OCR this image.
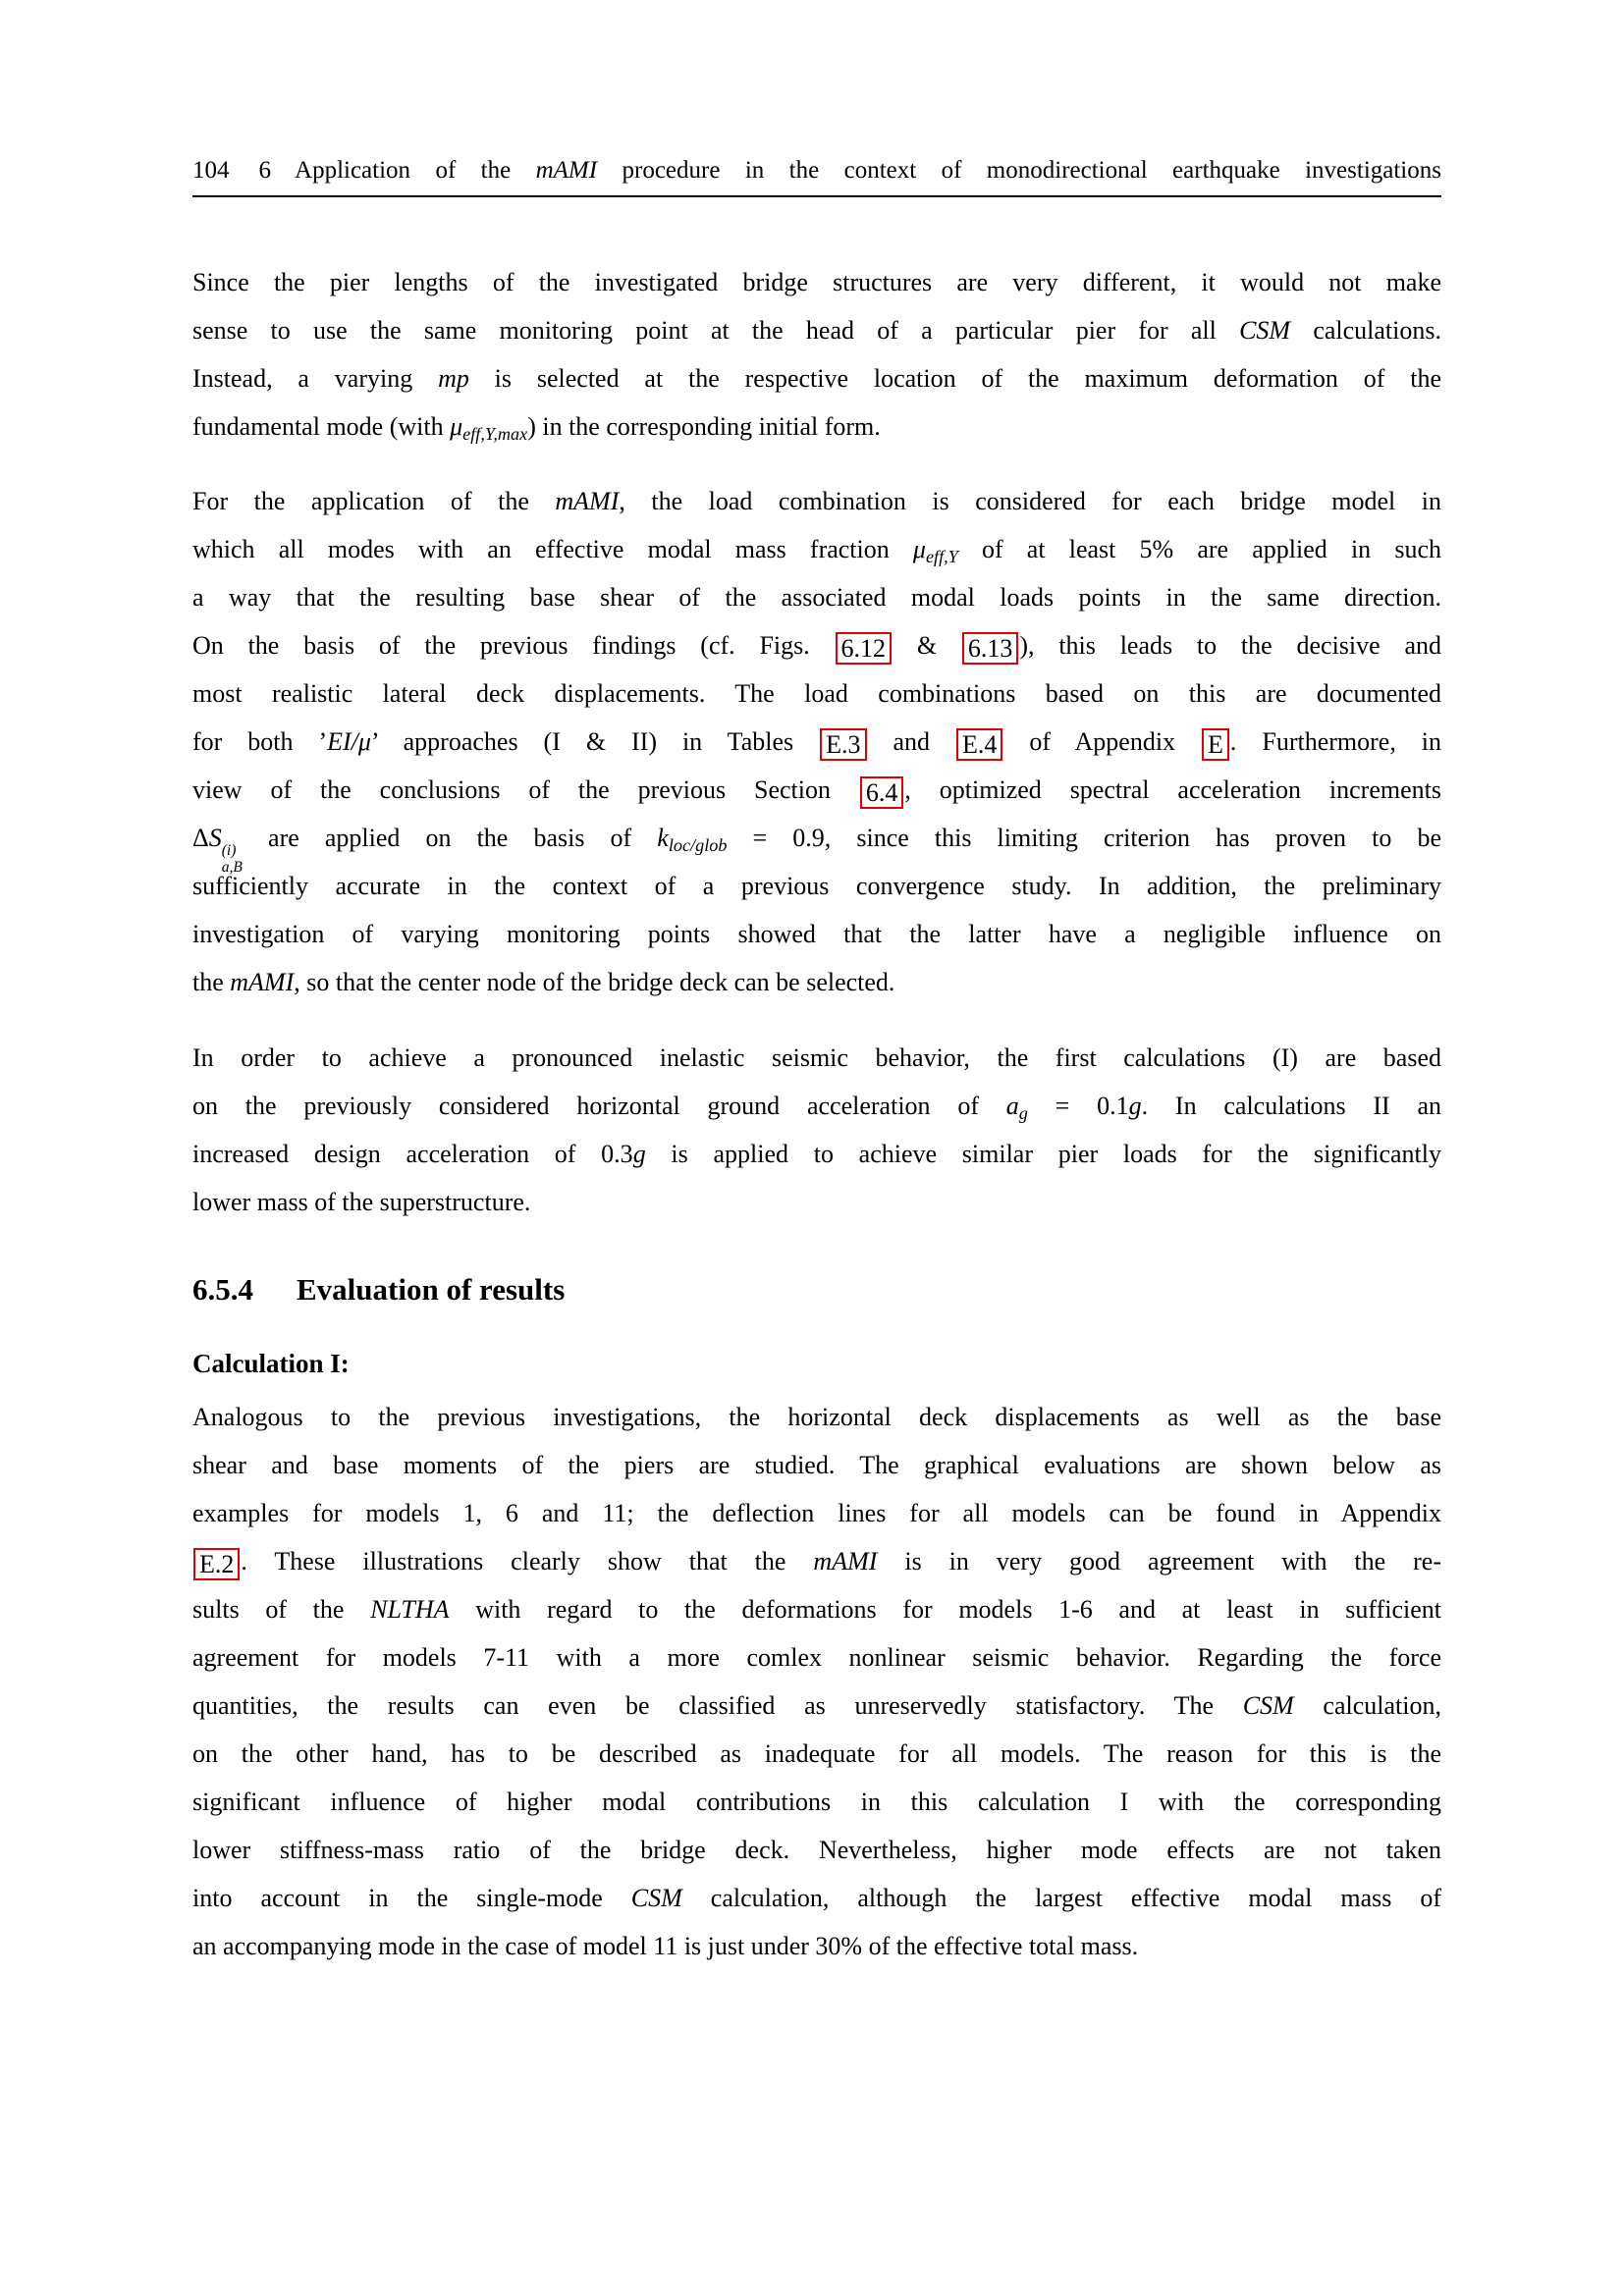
104 6 Application of the mAMI procedure in the context of monodirectional earthquake investigations
Since the pier lengths of the investigated bridge structures are very different, it would not make
sense to use the same monitoring point at the head of a particular pier for all CSM calculations.
Instead, a varying mp is selected at the respective location of the maximum deformation of the
fundamental mode (with μeff,Y,max) in the corresponding initial form.
For the application of the mAMI, the load combination is considered for each bridge model in
which all modes with an effective modal mass fraction μeff,Y of at least 5% are applied in such
a way that the resulting base shear of the associated modal loads points in the same direction.
On the basis of the previous findings (cf. Figs. 6.12 & 6.13 ), this leads to the decisive and
most realistic lateral deck displacements. The load combinations based on this are documented
for both ’EI/μ’ approaches (I & II) in Tables E.3 and E.4 of Appendix E . Furthermore, in
view of the conclusions of the previous Section 6.4 , optimized spectral acceleration increments
ΔS (i)
a,B
are applied on the basis of kloc/glob = 0.9, since this limiting criterion has proven to be
sufficiently accurate in the context of a previous convergence study. In addition, the preliminary
investigation of varying monitoring points showed that the latter have a negligible influence on
the mAMI, so that the center node of the bridge deck can be selected.
In order to achieve a pronounced inelastic seismic behavior, the first calculations (I) are based
on the previously considered horizontal ground acceleration of ag = 0.1g. In calculations II an
increased design acceleration of 0.3g is applied to achieve similar pier loads for the significantly
lower mass of the superstructure.
6.5.4 Evaluation of results
Calculation I:
Analogous to the previous investigations, the horizontal deck displacements as well as the base
shear and base moments of the piers are studied. The graphical evaluations are shown below as
examples for models 1, 6 and 11; the deflection lines for all models can be found in Appendix
E.2 . These illustrations clearly show that the mAMI is in very good agreement with the re-
sults of the NLTHA with regard to the deformations for models 1-6 and at least in sufficient
agreement for models 7-11 with a more comlex nonlinear seismic behavior. Regarding the force
quantities, the results can even be classified as unreservedly statisfactory. The CSM calculation,
on the other hand, has to be described as inadequate for all models. The reason for this is the
significant influence of higher modal contributions in this calculation I with the corresponding
lower stiffness-mass ratio of the bridge deck. Nevertheless, higher mode effects are not taken
into account in the single-mode CSM calculation, although the largest effective modal mass of
an accompanying mode in the case of model 11 is just under 30% of the effective total mass.
